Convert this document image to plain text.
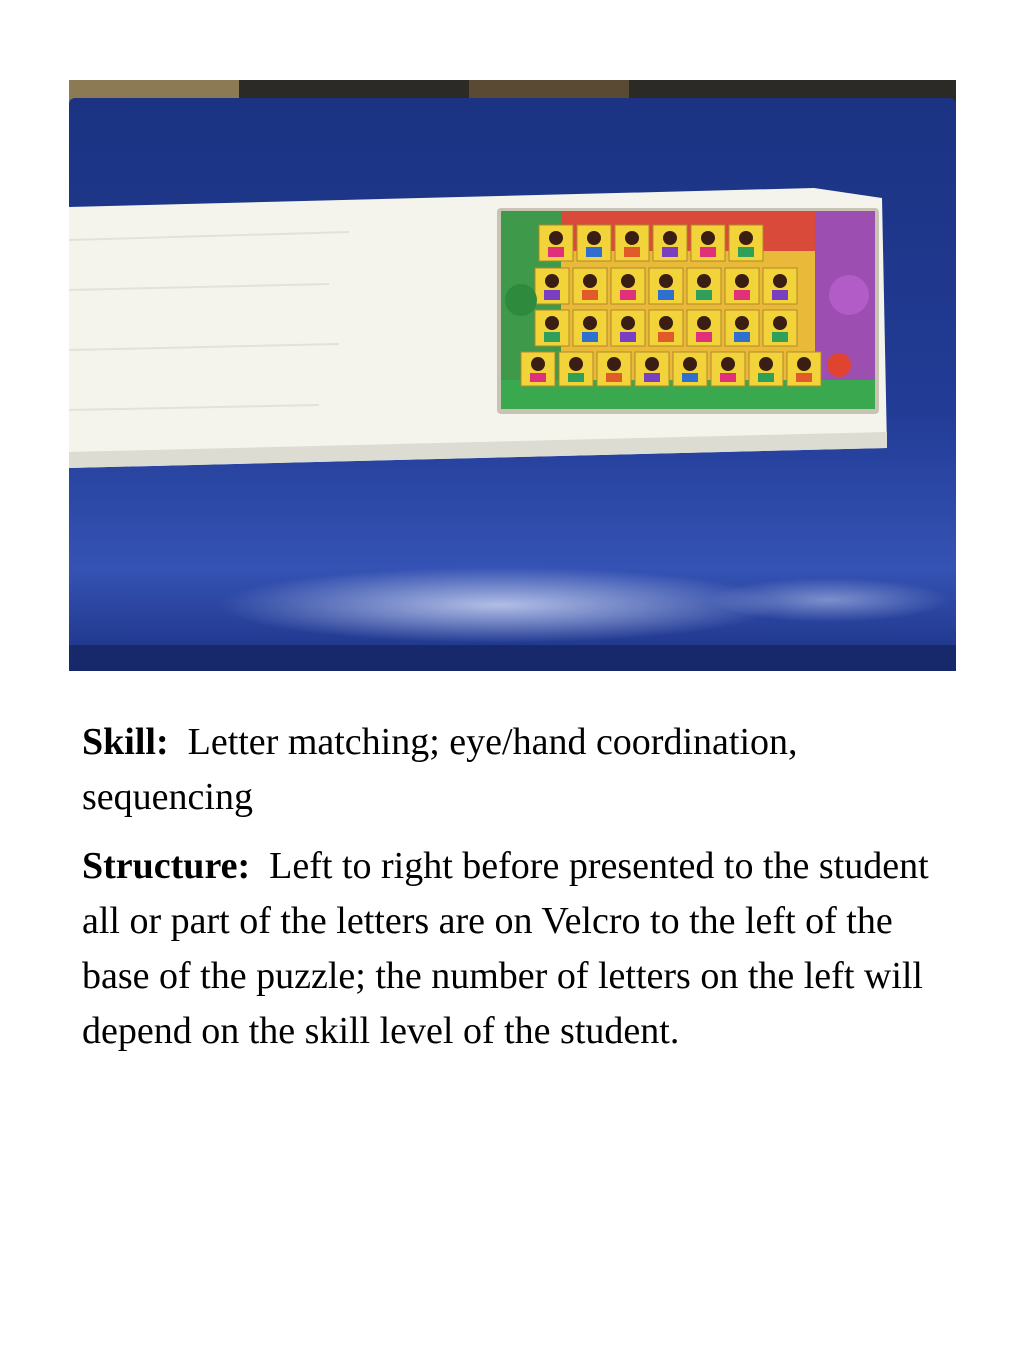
Skill: Letter matching; eye/hand coordination, sequencing

Structure: Left to right before presented to the student all or part of the letters are on Velcro to the left of the base of the puzzle; the number of letters on the left will depend on the skill level of the student.
